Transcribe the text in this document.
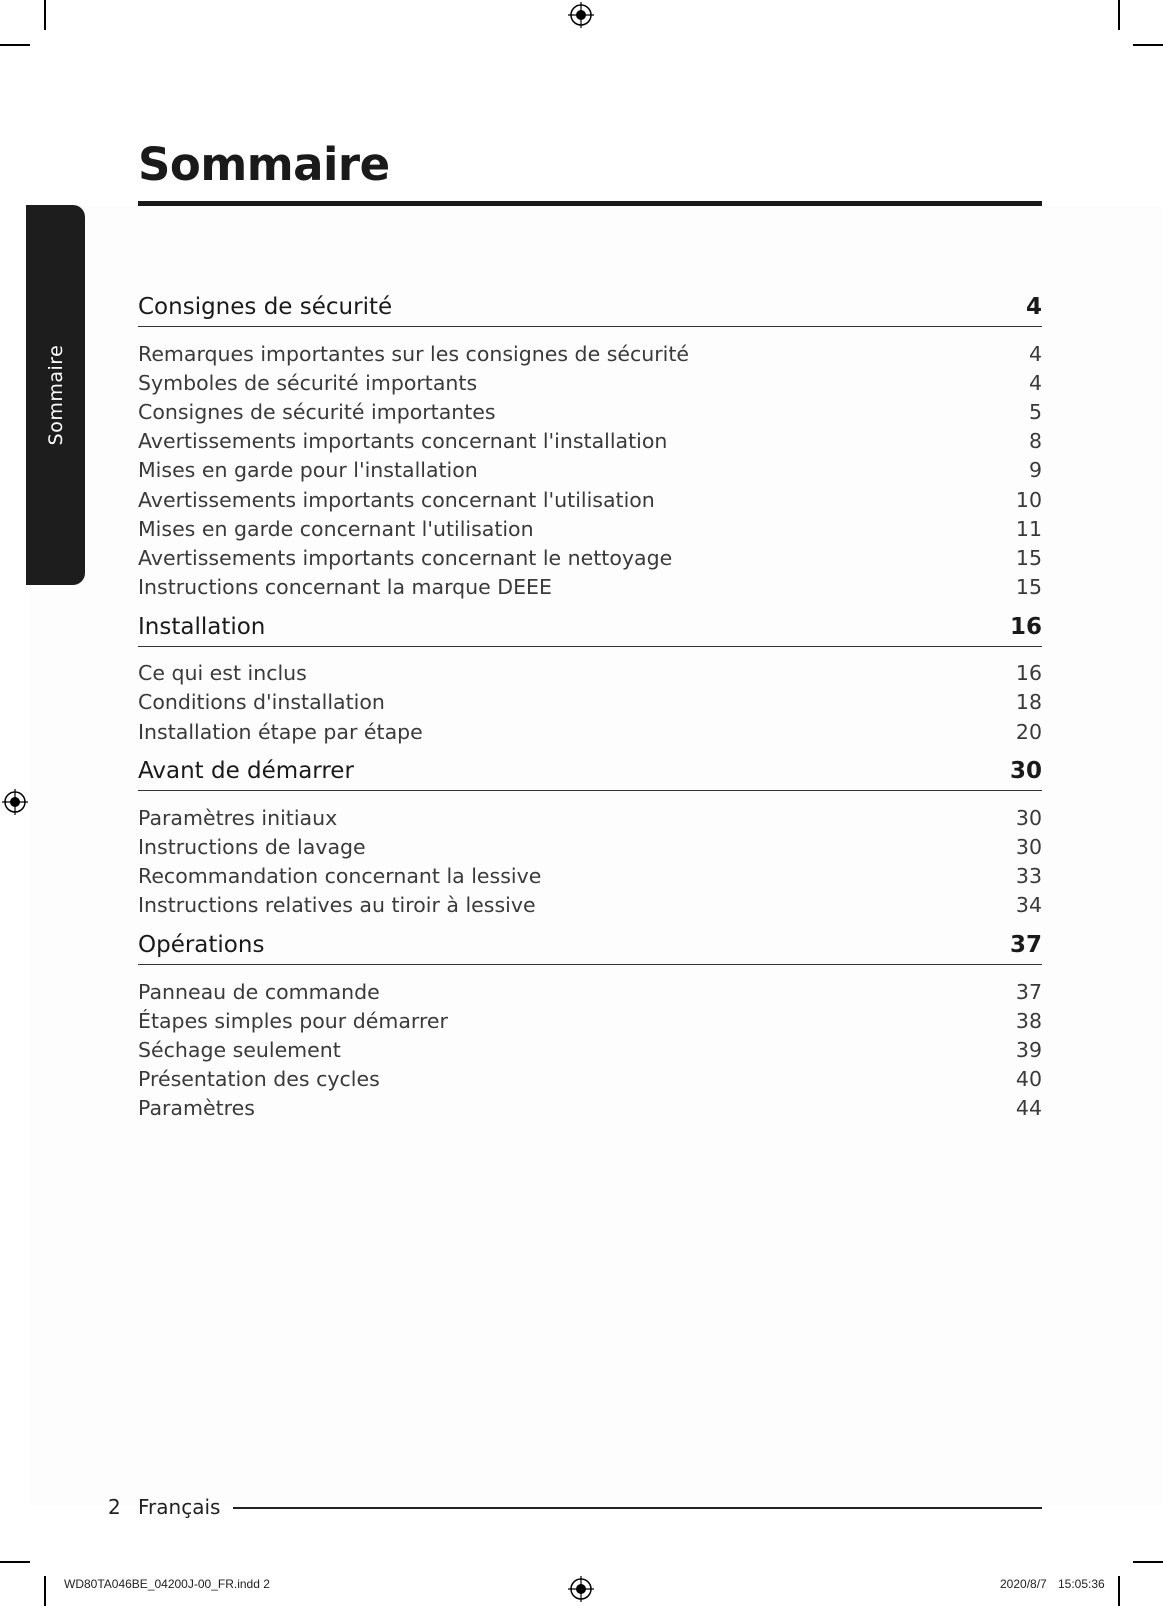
Sommaire
Sommaire
Consignes de sécurité	4
Remarques importantes sur les consignes de sécurité	4
Symboles de sécurité importants	4
Consignes de sécurité importantes	5
Avertissements importants concernant l'installation	8
Mises en garde pour l'installation	9
Avertissements importants concernant l'utilisation	10
Mises en garde concernant l'utilisation	11
Avertissements importants concernant le nettoyage	15
Instructions concernant la marque DEEE	15
Installation	16
Ce qui est inclus	16
Conditions d'installation	18
Installation étape par étape	20
Avant de démarrer	30
Paramètres initiaux	30
Instructions de lavage	30
Recommandation concernant la lessive	33
Instructions relatives au tiroir à lessive	34
Opérations	37
Panneau de commande	37
Étapes simples pour démarrer	38
Séchage seulement	39
Présentation des cycles	40
Paramètres	44
2 Français
WD80TA046BE_04200J-00_FR.indd 2	2020/8/7 15:05:36
